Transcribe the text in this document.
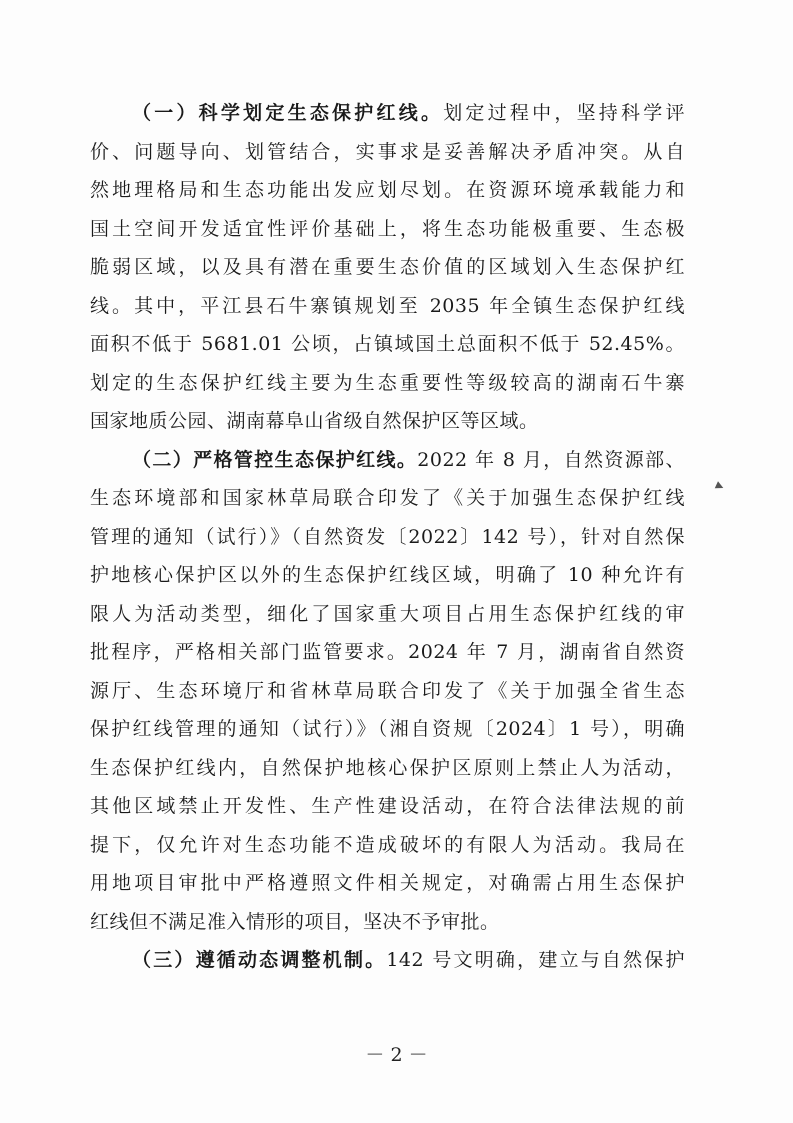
（一）科学划定生态保护红线。划定过程中，坚持科学评
价、问题导向、划管结合，实事求是妥善解决矛盾冲突。从自
然地理格局和生态功能出发应划尽划。在资源环境承载能力和
国土空间开发适宜性评价基础上，将生态功能极重要、生态极
脆弱区域，以及具有潜在重要生态价值的区域划入生态保护红
线。其中，平江县石牛寨镇规划至 2035 年全镇生态保护红线
面积不低于 5681.01 公顷，占镇域国土总面积不低于 52.45%。
划定的生态保护红线主要为生态重要性等级较高的湖南石牛寨
国家地质公园、湖南幕阜山省级自然保护区等区域。
（二）严格管控生态保护红线。2022 年 8 月，自然资源部、
生态环境部和国家林草局联合印发了《关于加强生态保护红线
管理的通知（试行）》（自然资发〔2022〕142 号），针对自然保
护地核心保护区以外的生态保护红线区域，明确了 10 种允许有
限人为活动类型，细化了国家重大项目占用生态保护红线的审
批程序，严格相关部门监管要求。2024 年 7 月，湖南省自然资
源厅、生态环境厅和省林草局联合印发了《关于加强全省生态
保护红线管理的通知（试行）》（湘自资规〔2024〕1 号），明确
生态保护红线内，自然保护地核心保护区原则上禁止人为活动，
其他区域禁止开发性、生产性建设活动，在符合法律法规的前
提下，仅允许对生态功能不造成破坏的有限人为活动。我局在
用地项目审批中严格遵照文件相关规定，对确需占用生态保护
红线但不满足准入情形的项目，坚决不予审批。
（三）遵循动态调整机制。142 号文明确，建立与自然保护
▶
－ 2 －
